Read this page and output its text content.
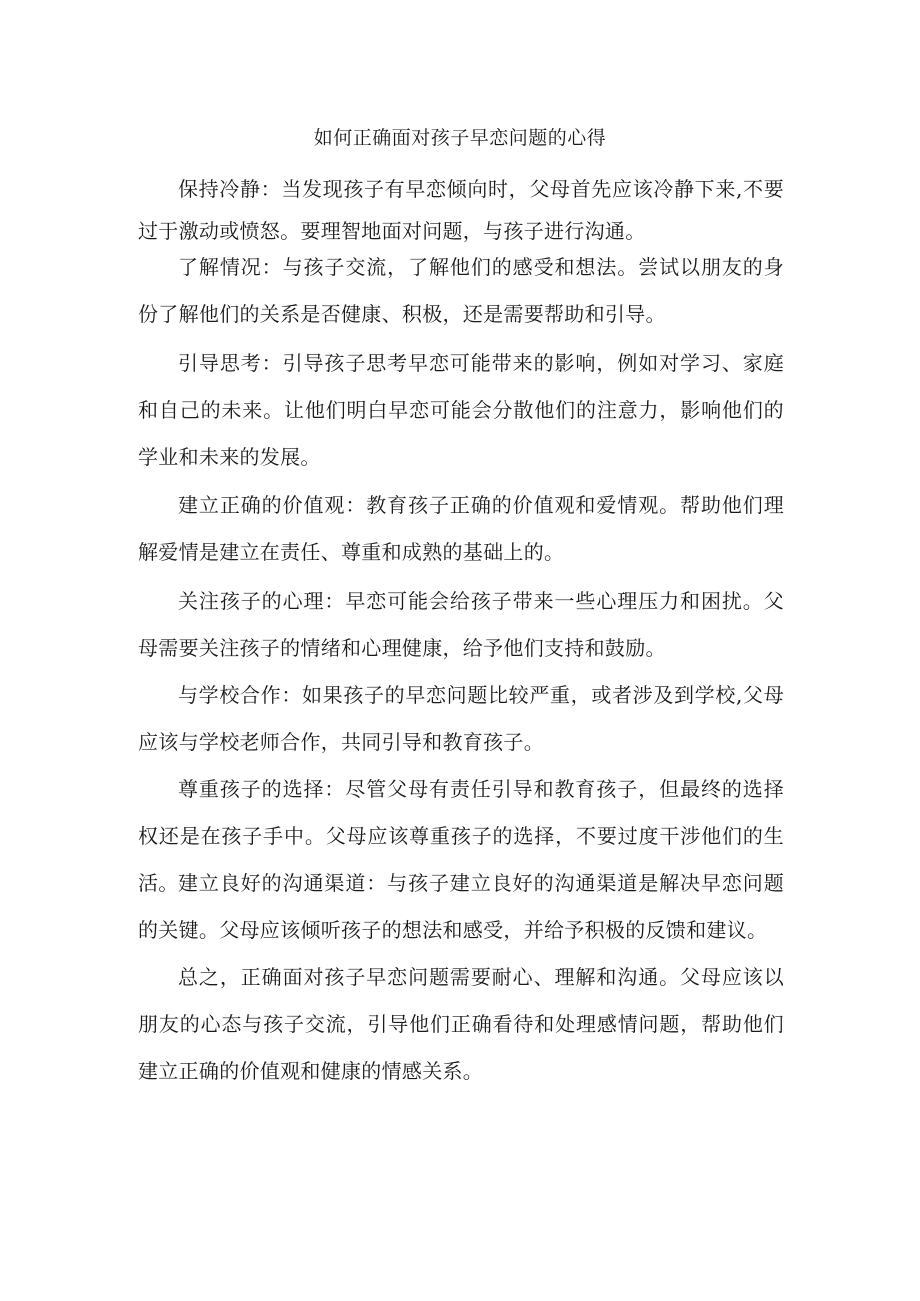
如何正确面对孩子早恋问题的心得

保持冷静：当发现孩子有早恋倾向时，父母首先应该冷静下来,不要过于激动或愤怒。要理智地面对问题，与孩子进行沟通。

了解情况：与孩子交流，了解他们的感受和想法。尝试以朋友的身份了解他们的关系是否健康、积极，还是需要帮助和引导。

引导思考：引导孩子思考早恋可能带来的影响，例如对学习、家庭和自己的未来。让他们明白早恋可能会分散他们的注意力，影响他们的学业和未来的发展。

建立正确的价值观：教育孩子正确的价值观和爱情观。帮助他们理解爱情是建立在责任、尊重和成熟的基础上的。

关注孩子的心理：早恋可能会给孩子带来一些心理压力和困扰。父母需要关注孩子的情绪和心理健康，给予他们支持和鼓励。

与学校合作：如果孩子的早恋问题比较严重，或者涉及到学校,父母应该与学校老师合作，共同引导和教育孩子。

尊重孩子的选择：尽管父母有责任引导和教育孩子，但最终的选择权还是在孩子手中。父母应该尊重孩子的选择，不要过度干涉他们的生活。 建立良好的沟通渠道：与孩子建立良好的沟通渠道是解决早恋问题的关键。父母应该倾听孩子的想法和感受，并给予积极的反馈和建议。

总之，正确面对孩子早恋问题需要耐心、理解和沟通。父母应该以朋友的心态与孩子交流，引导他们正确看待和处理感情问题，帮助他们建立正确的价值观和健康的情感关系。
